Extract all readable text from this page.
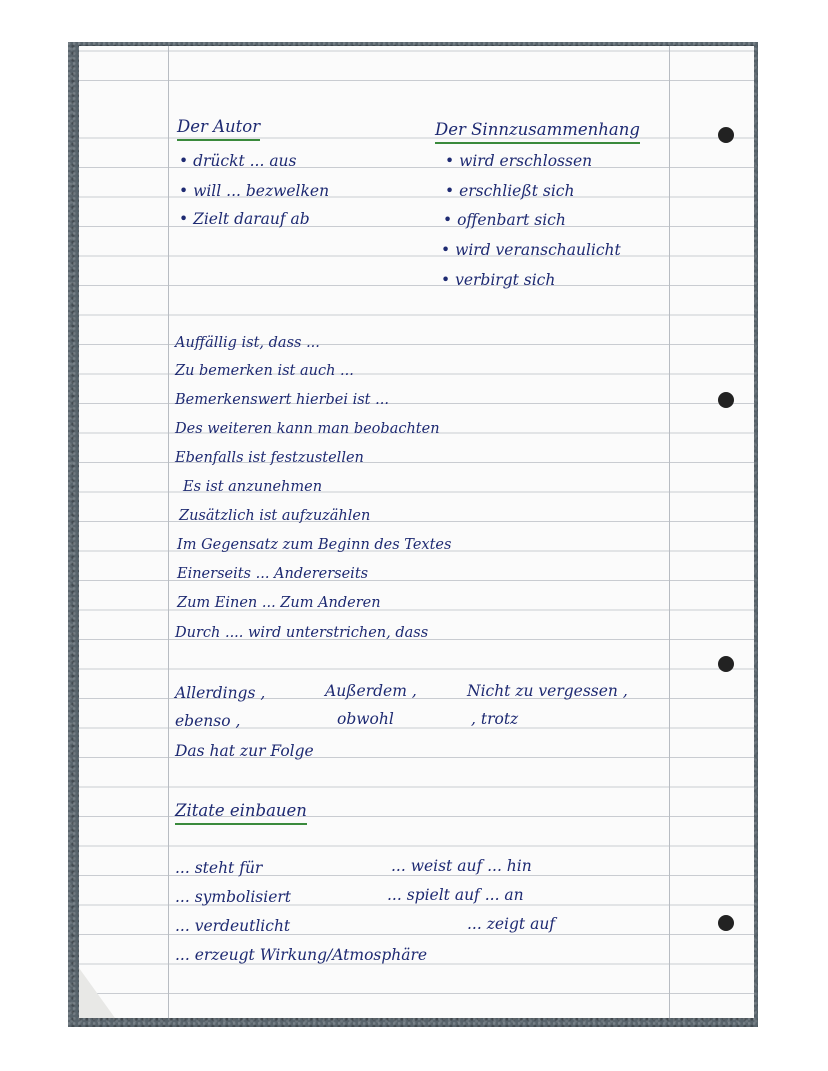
Der Autor
• drückt ... aus
• will ... bezwelken
• Zielt darauf ab
Der Sinnzusammenhang
• wird erschlossen
• erschließt sich
• offenbart sich
• wird veranschaulicht
• verbirgt sich
Auffällig ist, dass ...
Zu bemerken ist auch ...
Bemerkenswert hierbei ist ...
Des weiteren kann man beobachten
Ebenfalls ist festzustellen
Es ist anzunehmen
Zusätzlich ist aufzuzählen
Im Gegensatz zum Beginn des Textes
Einerseits ... Andererseits
Zum Einen ... Zum Anderen
Durch .... wird unterstrichen, dass
Allerdings ,	Außerdem ,	Nicht zu vergessen ,
ebenso ,	obwohl	, trotz
Das hat zur Folge
Zitate einbauen
... steht für
... symbolisiert
... verdeutlicht
... erzeugt Wirkung/Atmosphäre
... weist auf ... hin
... spielt auf ... an
... zeigt auf
